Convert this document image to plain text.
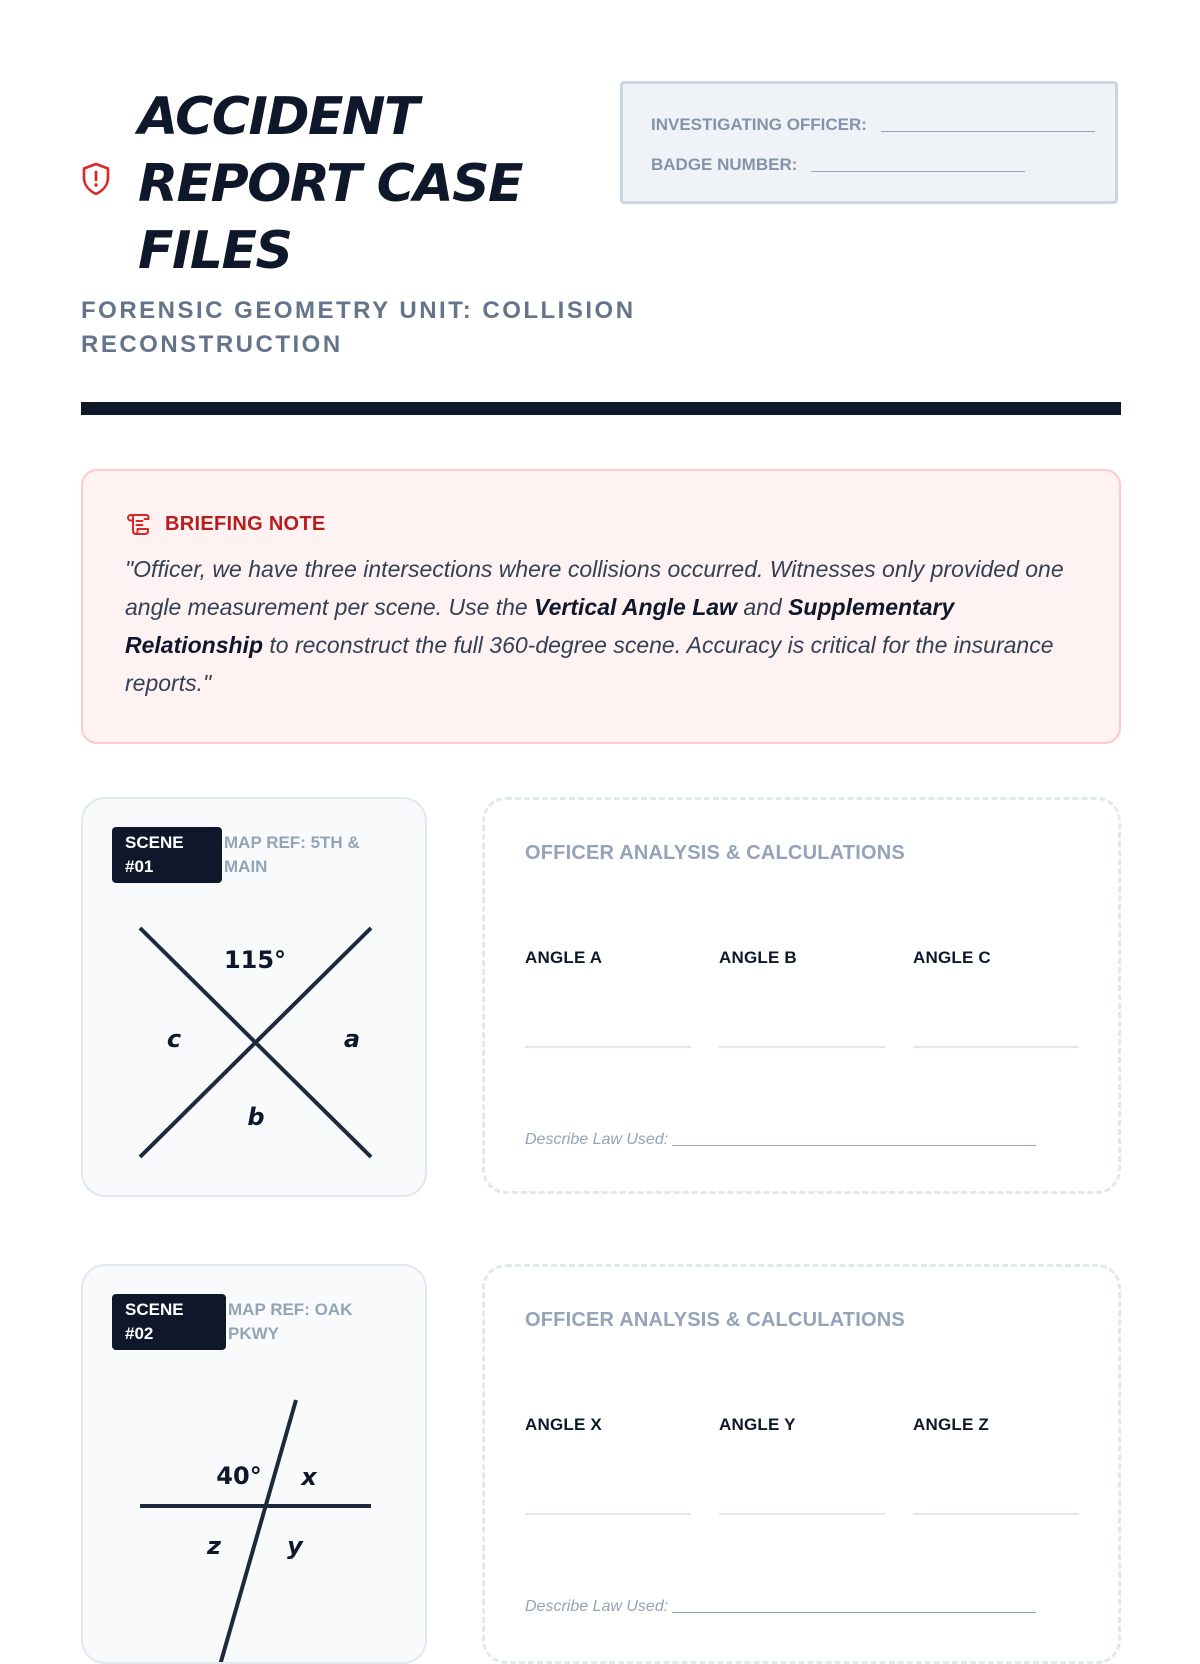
ACCIDENT REPORT CASE FILES

FORENSIC GEOMETRY UNIT: COLLISION RECONSTRUCTION

INVESTIGATING OFFICER:
BADGE NUMBER:
BRIEFING NOTE

"Officer, we have three intersections where collisions occurred. Witnesses only provided one angle measurement per scene. Use the Vertical Angle Law and Supplementary Relationship to reconstruct the full 360-degree scene. Accuracy is critical for the insurance reports."

115°
a
b
c
SCENE #01
MAP REF: 5TH & MAIN
OFFICER ANALYSIS & CALCULATIONS
ANGLE A	ANGLE B	ANGLE C
Describe Law Used:
40° x
y
z
SCENE #02
MAP REF: OAK PKWY
OFFICER ANALYSIS & CALCULATIONS
ANGLE X	ANGLE Y	ANGLE Z
Describe Law Used:
